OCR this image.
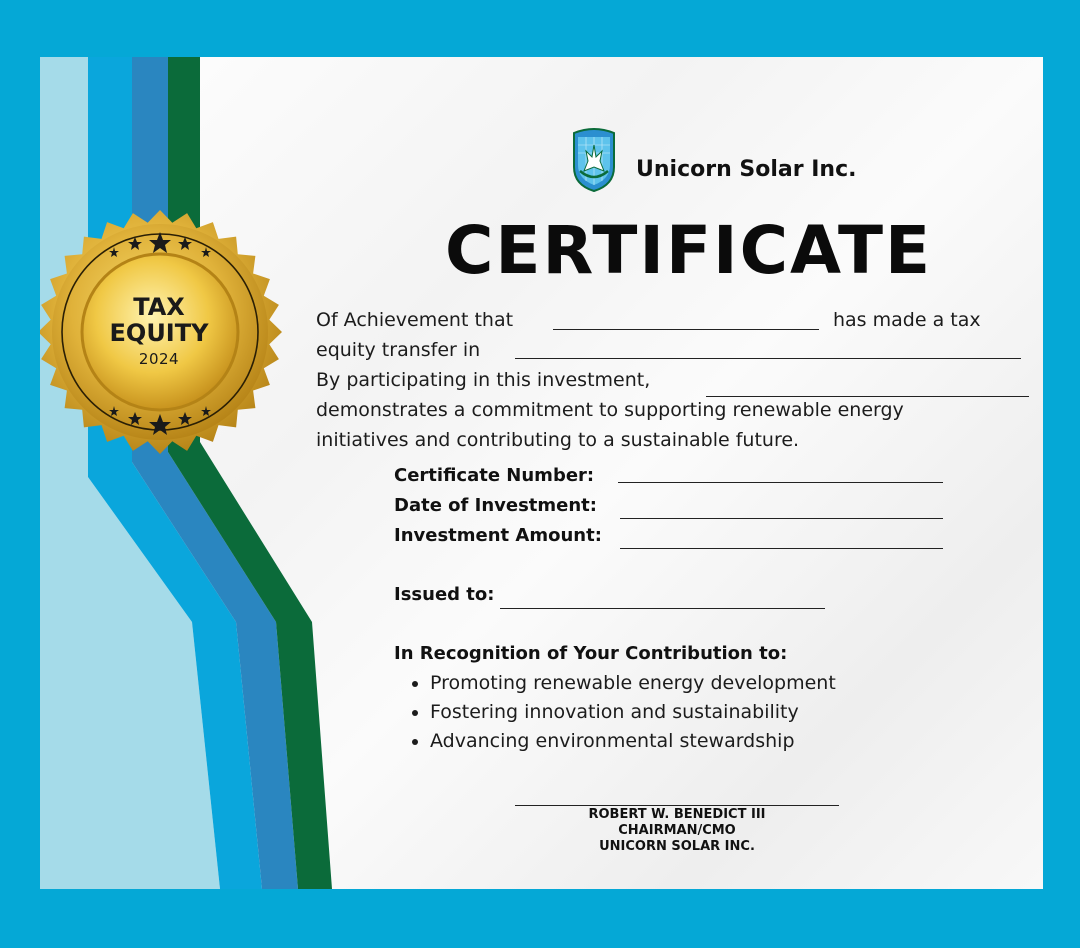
TAX
EQUITY
2024
Unicorn Solar Inc.
CERTIFICATE
Of Achievement that	has made a tax
equity transfer in
By participating in this investment,
demonstrates a commitment to supporting renewable energy
initiatives and contributing to a sustainable future.
Certificate Number:
Date of Investment:
Investment Amount:
Issued to:
In Recognition of Your Contribution to:
Promoting renewable energy development
Fostering innovation and sustainability
Advancing environmental stewardship
ROBERT W. BENEDICT III
CHAIRMAN/CMO
UNICORN SOLAR INC.
